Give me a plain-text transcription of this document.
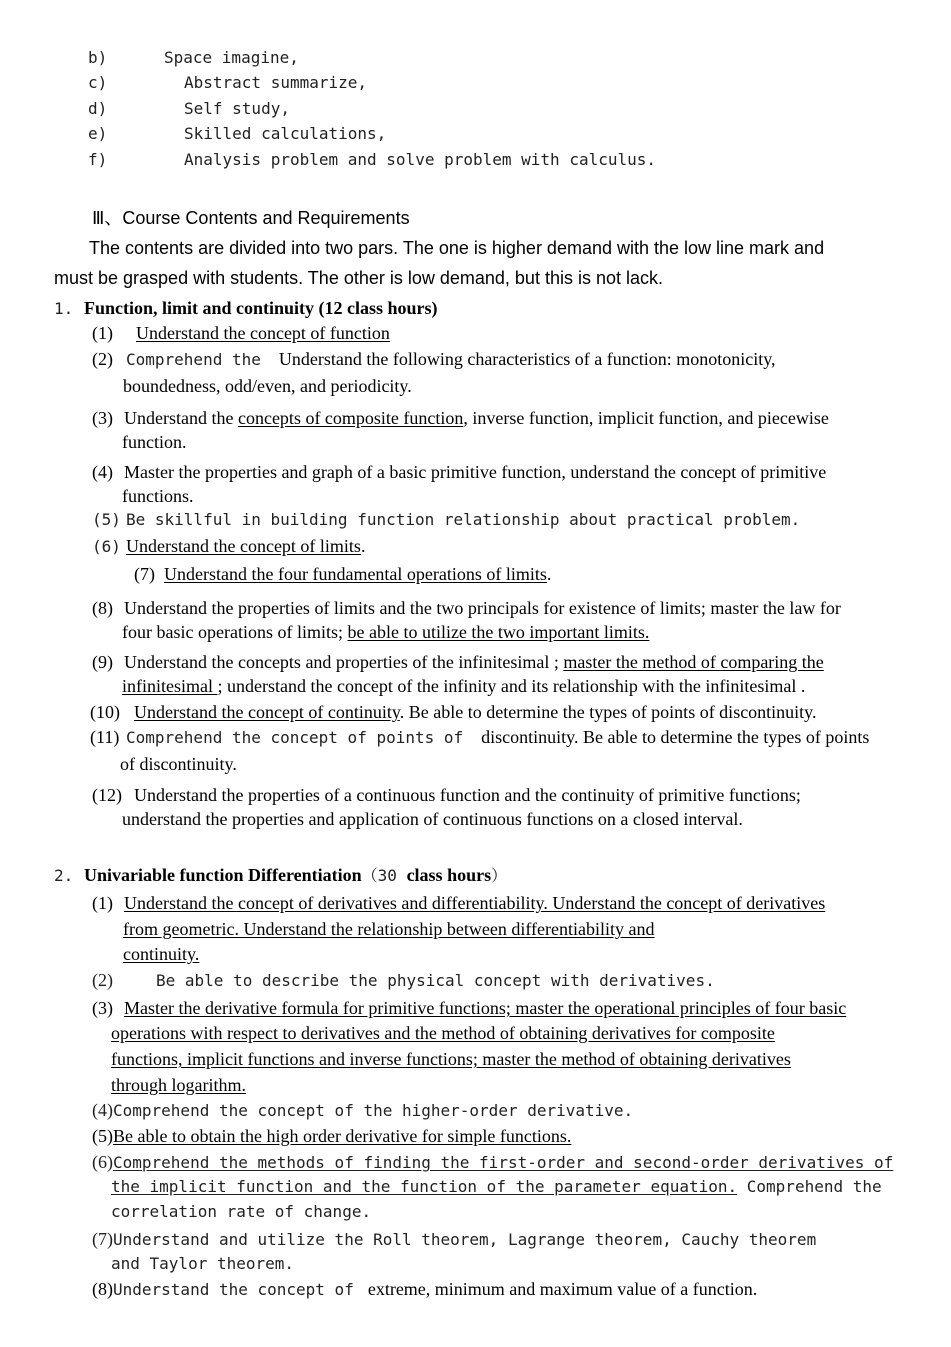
b)	Space imagine,
c)	Abstract summarize,
d)	Self study,
e)	Skilled calculations,
f)	Analysis problem and solve problem with calculus.
Ⅲ、Course Contents and Requirements
The contents are divided into two pars. The one is higher demand with the low line mark and
must be grasped with students. The other is low demand, but this is not lack.
1. Function, limit and continuity (12 class hours)
(1) Understand the concept of function
(2) Comprehend the Understand the following characteristics of a function: monotonicity,
boundedness, odd/even, and periodicity.
(3) Understand the concepts of composite function, inverse function, implicit function, and piecewise
function.
(4) Master the properties and graph of a basic primitive function, understand the concept of primitive
functions.
(5) Be skillful in building function relationship about practical problem.
(6) Understand the concept of limits.
(7) Understand the four fundamental operations of limits.
(8) Understand the properties of limits and the two principals for existence of limits; master the law for
four basic operations of limits; be able to utilize the two important limits.
(9) Understand the concepts and properties of the infinitesimal ; master the method of comparing the
infinitesimal ; understand the concept of the infinity and its relationship with the infinitesimal .
(10) Understand the concept of continuity. Be able to determine the types of points of discontinuity.
(11) Comprehend the concept of points of discontinuity. Be able to determine the types of points
of discontinuity.
(12) Understand the properties of a continuous function and the continuity of primitive functions;
understand the properties and application of continuous functions on a closed interval.
2. Univariable function Differentiation（30 class hours）
(1) Understand the concept of derivatives and differentiability. Understand the concept of derivatives
from geometric. Understand the relationship between differentiability and
continuity.
(2)	Be able to describe the physical concept with derivatives.
(3) Master the derivative formula for primitive functions; master the operational principles of four basic
operations with respect to derivatives and the method of obtaining derivatives for composite
functions, implicit functions and inverse functions; master the method of obtaining derivatives
through logarithm.
(4)Comprehend the concept of the higher-order derivative.
(5)Be able to obtain the high order derivative for simple functions.
(6)Comprehend the methods of finding the first-order and second-order derivatives of
the implicit function and the function of the parameter equation. Comprehend the
correlation rate of change.
(7)Understand and utilize the Roll theorem, Lagrange theorem, Cauchy theorem
and Taylor theorem.
(8)Understand the concept of extreme, minimum and maximum value of a function.
